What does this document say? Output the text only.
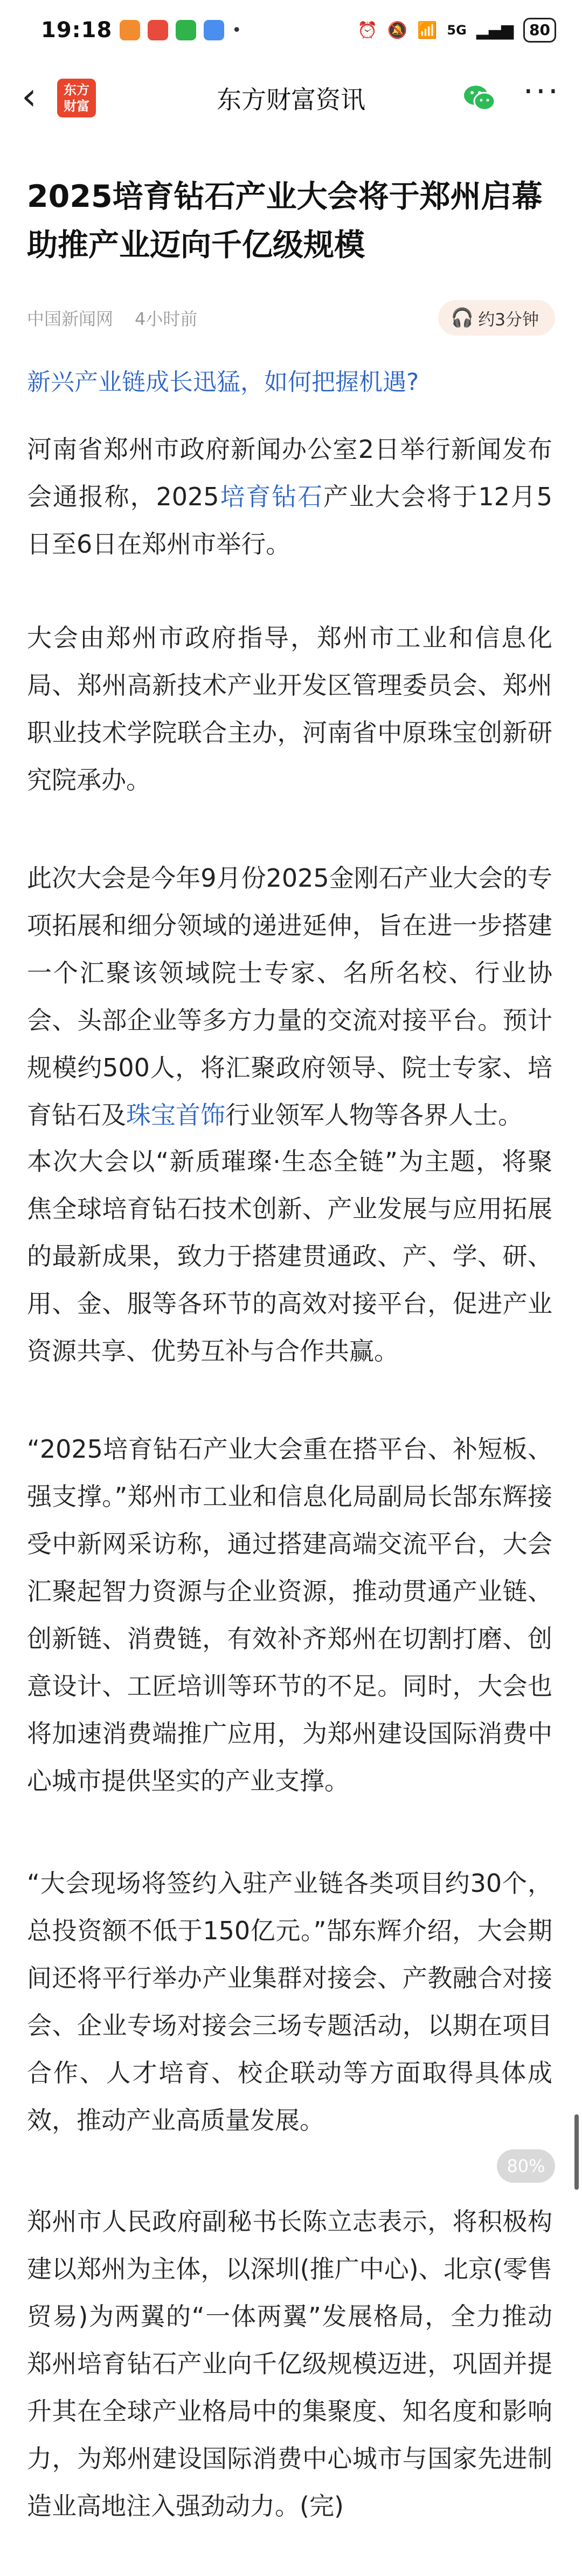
19:18	•	⏰ 🔕 📶 5G ▂▄▆	80
‹	东方
财富	东方财富资讯	···
2025培育钻石产业大会将于郑州启幕 助推产业迈向千亿级规模
中国新闻网 4小时前	🎧 约3分钟
新兴产业链成长迅猛，如何把握机遇?

河南省郑州市政府新闻办公室2日举行新闻发布会通报称，2025培育钻石产业大会将于12月5日至6日在郑州市举行。

大会由郑州市政府指导，郑州市工业和信息化局、郑州高新技术产业开发区管理委员会、郑州职业技术学院联合主办，河南省中原珠宝创新研究院承办。

此次大会是今年9月份2025金刚石产业大会的专项拓展和细分领域的递进延伸，旨在进一步搭建一个汇聚该领域院士专家、名所名校、行业协会、头部企业等多方力量的交流对接平台。预计规模约500人，将汇聚政府领导、院士专家、培育钻石及珠宝首饰行业领军人物等各界人士。

本次大会以“新质璀璨·生态全链”为主题，将聚焦全球培育钻石技术创新、产业发展与应用拓展的最新成果，致力于搭建贯通政、产、学、研、用、金、服等各环节的高效对接平台，促进产业资源共享、优势互补与合作共赢。

“2025培育钻石产业大会重在搭平台、补短板、强支撑。”郑州市工业和信息化局副局长郜东辉接受中新网采访称，通过搭建高端交流平台，大会汇聚起智力资源与企业资源，推动贯通产业链、创新链、消费链，有效补齐郑州在切割打磨、创意设计、工匠培训等环节的不足。同时，大会也将加速消费端推广应用，为郑州建设国际消费中心城市提供坚实的产业支撑。

“大会现场将签约入驻产业链各类项目约30个，总投资额不低于150亿元。”郜东辉介绍，大会期间还将平行举办产业集群对接会、产教融合对接会、企业专场对接会三场专题活动，以期在项目合作、人才培育、校企联动等方面取得具体成效，推动产业高质量发展。

郑州市人民政府副秘书长陈立志表示，将积极构建以郑州为主体，以深圳(推广中心)、北京(零售贸易)为两翼的“一体两翼”发展格局，全力推动郑州培育钻石产业向千亿级规模迈进，巩固并提升其在全球产业格局中的集聚度、知名度和影响力，为郑州建设国际消费中心城市与国家先进制造业高地注入强劲动力。(完)

80%
